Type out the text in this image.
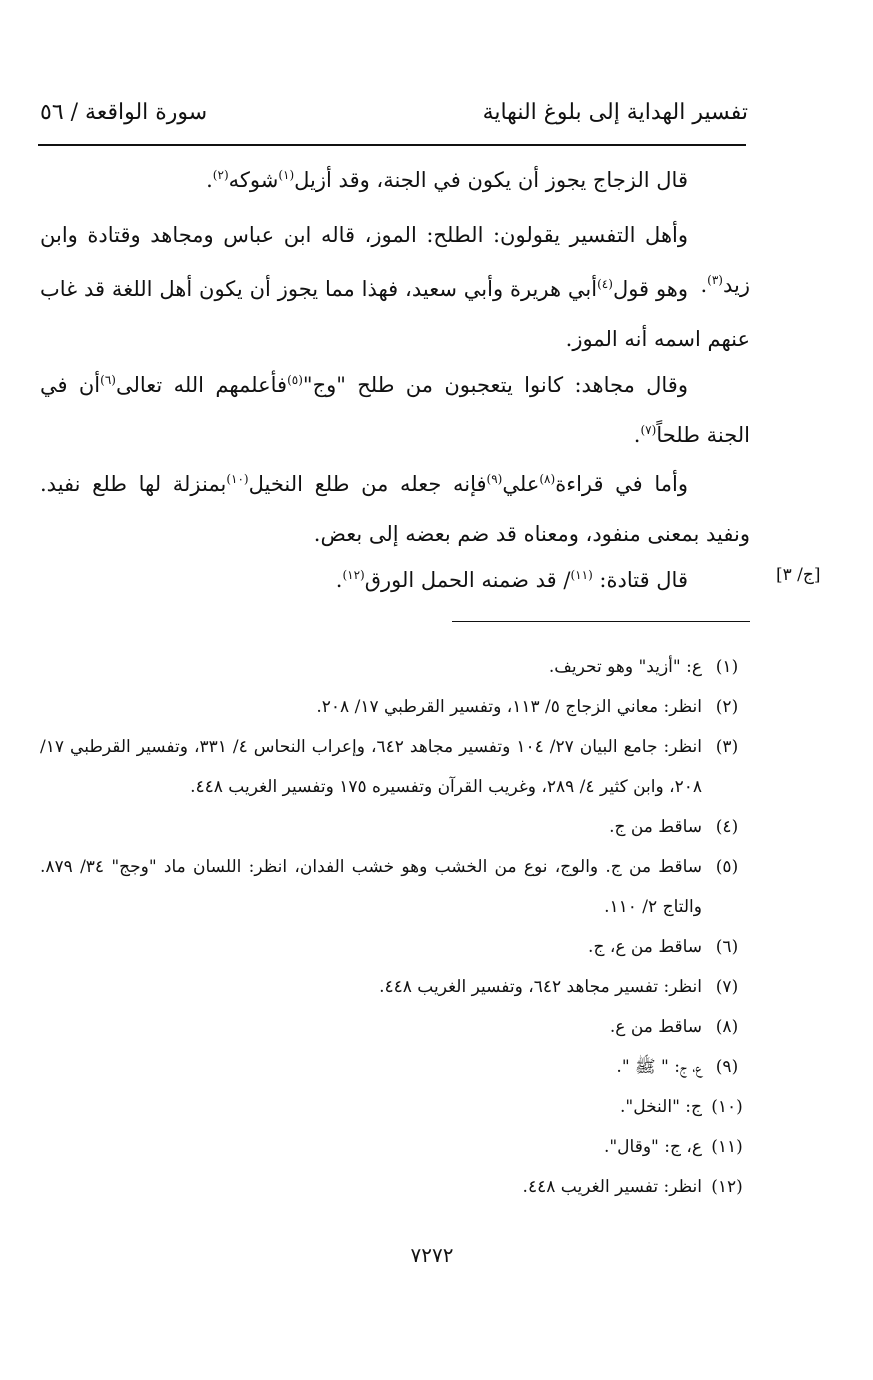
تفسير الهداية إلى بلوغ النهاية
سورة الواقعة / ٥٦
قال الزجاج يجوز أن يكون في الجنة، وقد أزيل$^{(١)}$شوكه$^{(٢)}$.
وأهل التفسير يقولون: الطلح: الموز، قاله ابن عباس ومجاهد وقتادة وابن زيد$^{(٣)}$.
وهو قول$^{(٤)}$أبي هريرة وأبي سعيد، فهذا مما يجوز أن يكون أهل اللغة قد غاب عنهم اسمه أنه الموز.
وقال مجاهد: كانوا يتعجبون من طلح "وج"$^{(٥)}$فأعلمهم الله تعالى$^{(٦)}$أن في الجنة طلحاً$^{(٧)}$.
وأما في قراءة$^{(٨)}$علي$^{(٩)}$فإنه جعله من طلع النخيل$^{(١٠)}$بمنزلة لها طلع نفيد. ونفيد بمعنى منفود، ومعناه قد ضم بعضه إلى بعض.
قال قتادة: $^{(١١)}$/ قد ضمنه الحمل الورق$^{(١٢)}$.	[ج/ ٣]
(١)
ع: "أزيد" وهو تحريف.
(٢)
انظر: معاني الزجاج ٥/ ١١٣، وتفسير القرطبي ١٧/ ٢٠٨.
(٣)
انظر: جامع البيان ٢٧/ ١٠٤ وتفسير مجاهد ٦٤٢، وإعراب النحاس ٤/ ٣٣١، وتفسير القرطبي ١٧/ ٢٠٨، وابن كثير ٤/ ٢٨٩، وغريب القرآن وتفسيره ١٧٥ وتفسير الغريب ٤٤٨.
(٤)
ساقط من ج.
(٥)
ساقط من ج. والوج، نوع من الخشب وهو خشب الفدان، انظر: اللسان ماد "وجج" ٣٤/ ٨٧٩. والتاج ٢/ ١١٠.
(٦)
ساقط من ع، ج.
(٧)
انظر: تفسير مجاهد ٦٤٢، وتفسير الغريب ٤٤٨.
(٨)
ساقط من ع.
(٩)
ع، ج: " ﷺ ".
(١٠)
ج: "النخل".
(١١)
ع، ج: "وقال".
(١٢)
انظر: تفسير الغريب ٤٤٨.
٧٢٧٢
